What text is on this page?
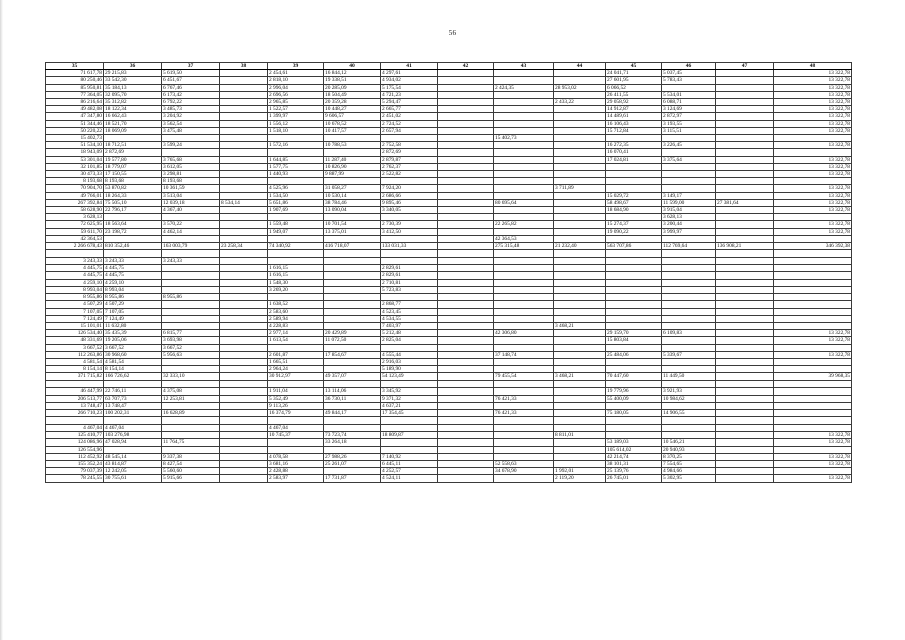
56
35	36	37	38	39	40	41	42	43	44	45	46	47	48
71 617,78	29 215,83	5 619,50		2 454,61	16 844,12	4 297,61				24 041,71	5 037,45		13 322,78
80 250,46	33 542,30	6 451,67		2 818,10	19 338,51	4 934,02				27 601,95	5 783,43		13 322,78
85 950,81	35 184,13	6 767,46		2 996,04	20 285,09	5 175,54		2 424,35	28 953,02	6 066,52			13 322,78
77 364,05	32 095,70	6 173,42		2 696,56	18 504,49	4 721,23				26 411,55	5 534,01		13 322,78
86 216,64	35 312,82	6 792,22		2 965,85	20 359,28	5 294,47			2 433,22	29 058,92	6 088,71		13 322,78
49 482,08	18 122,34	3 485,73		1 522,57	10 448,27	2 665,77				14 912,87	3 124,69		13 322,78
47 347,80	16 662,43	3 204,92		1 399,97	9 606,57	2 451,02				14 489,61	2 872,97		13 322,78
51 344,46	18 521,70	3 562,54		1 556,12	10 678,52	2 724,52				16 106,43	3 193,55		13 322,78
50 220,22	18 069,09	3 475,48		1 518,10	10 417,57	2 657,94				15 712,84	3 115,51		13 322,78
15 402,73								15 402,73					
51 534,10	18 712,51	3 599,24		1 572,16	10 788,53	2 752,58				16 272,35	3 226,45		13 322,78
18 943,09	2 872,69					2 872,69				16 070,41			
53 301,04	19 577,80	3 765,68		1 644,85	11 287,40	2 879,87				17 024,81	3 375,64		13 322,78
32 101,85	18 779,07	3 612,05		1 577,75	10 826,90	2 762,37							13 322,78
30 473,33	17 150,55	3 298,81		1 440,93	9 887,99	2 522,82							13 322,78
8 193,68	8 193,68	8 193,68											
70 904,70	53 870,82	10 361,59		4 525,96	31 058,27	7 924,20			3 711,89				13 322,78
49 766,01	18 264,33	3 513,04		1 534,50	10 530,14	2 686,66				15 029,72	3 149,17		13 322,78
267 392,84	75 505,10	12 039,18	8 534,14	5 651,86	38 784,46	9 895,46		80 695,64		58 498,67	11 599,00	27 381,64	13 322,78
58 628,90	22 796,17	4 367,40		1 907,69	13 090,04	3 340,05				18 684,90	3 915,04		13 322,78
3 628,13											3 628,13		
72 625,95	18 563,64	3 570,22		1 559,48	10 701,54	2 730,39		22 265,82		15 274,37	3 200,44		13 322,78
59 611,70	23 198,72	4 462,14		1 949,07	13 375,01	3 412,50				19 090,22	3 999,97		13 322,78
42 364,53								42 364,53					
2 266 678,43	810 352,46	163 003,79	23 258,34	74 340,92	416 718,07	133 031,33		275 315,48	21 232,40	563 707,86	112 769,64	136 908,21	346 392,38

3 243,33	3 243,33	3 243,33											
4 445,75	4 445,75			1 616,15		2 829,61							
4 445,75	4 445,75			1 616,15		2 829,61							
4 259,10	4 259,10			1 548,30		2 710,81							
8 993,04	8 993,04			3 269,20		5 723,83							
8 955,86	8 955,86	8 955,86											
4 507,29	4 507,29			1 638,52		2 868,77							
7 107,05	7 107,05			2 583,60		4 523,45							
7 124,49	7 124,49			2 589,94		4 534,55							
15 101,01	11 632,80			4 228,83		7 403,97			3 468,21				
126 534,40	35 435,39	6 815,77		2 977,14	20 429,89	5 212,48		42 306,80		29 159,70	6 109,83		13 322,78
48 331,69	19 205,06	3 693,98		1 613,54	11 072,50	2 825,04				15 803,84			13 322,78
3 667,52	3 667,52	3 667,52											
112 263,86	30 968,60	5 956,63		2 601,87	17 854,67	4 555,44		37 148,74		25 484,06	5 339,67		13 322,78
4 581,54	4 581,54			1 665,51		2 916,03							
8 154,14	8 154,14			2 964,24		5 189,90							
371 715,82	166 726,62	32 333,10		30 912,97	49 357,07	54 123,49		79 455,54	3 468,21	70 447,60	11 449,50		39 968,35

46 447,99	22 746,11	4 375,08		1 911,04	13 114,06	3 345,92				19 779,96	3 921,93		
206 513,77	63 707,73	12 253,81		5 352,49	36 730,11	9 371,32		76 421,33		55 400,09	10 984,62		
13 748,47	13 748,47			9 113,26		4 637,21							
266 710,23	100 202,31	16 628,89		16 374,79	49 844,17	17 354,45		76 421,33		75 180,05	14 906,55		

4 467,04	4 467,04			4 467,04									
125 410,77	103 276,98			10 745,37	73 723,74	18 809,87			8 811,01				13 322,78
124 086,96	47 028,94	11 764,75			33 264,18					53 189,03	10 546,21		13 322,78
126 554,96										105 614,02	20 940,93		
112 452,92	48 545,14	9 337,38		4 078,58	27 988,26	7 140,92				42 214,74	8 370,25		13 322,78
155 352,24	43 814,87	8 427,54		3 681,16	25 261,07	6 445,11		52 558,63		38 101,31	7 554,65		13 322,78
79 037,39	12 242,05	5 560,60		2 428,88		4 252,57		34 678,90	1 992,01	25 139,76	4 984,66		
78 245,55	30 755,61	5 915,66		2 583,97	17 731,87	4 524,11			2 119,20	26 745,01	5 302,95		13 322,78
